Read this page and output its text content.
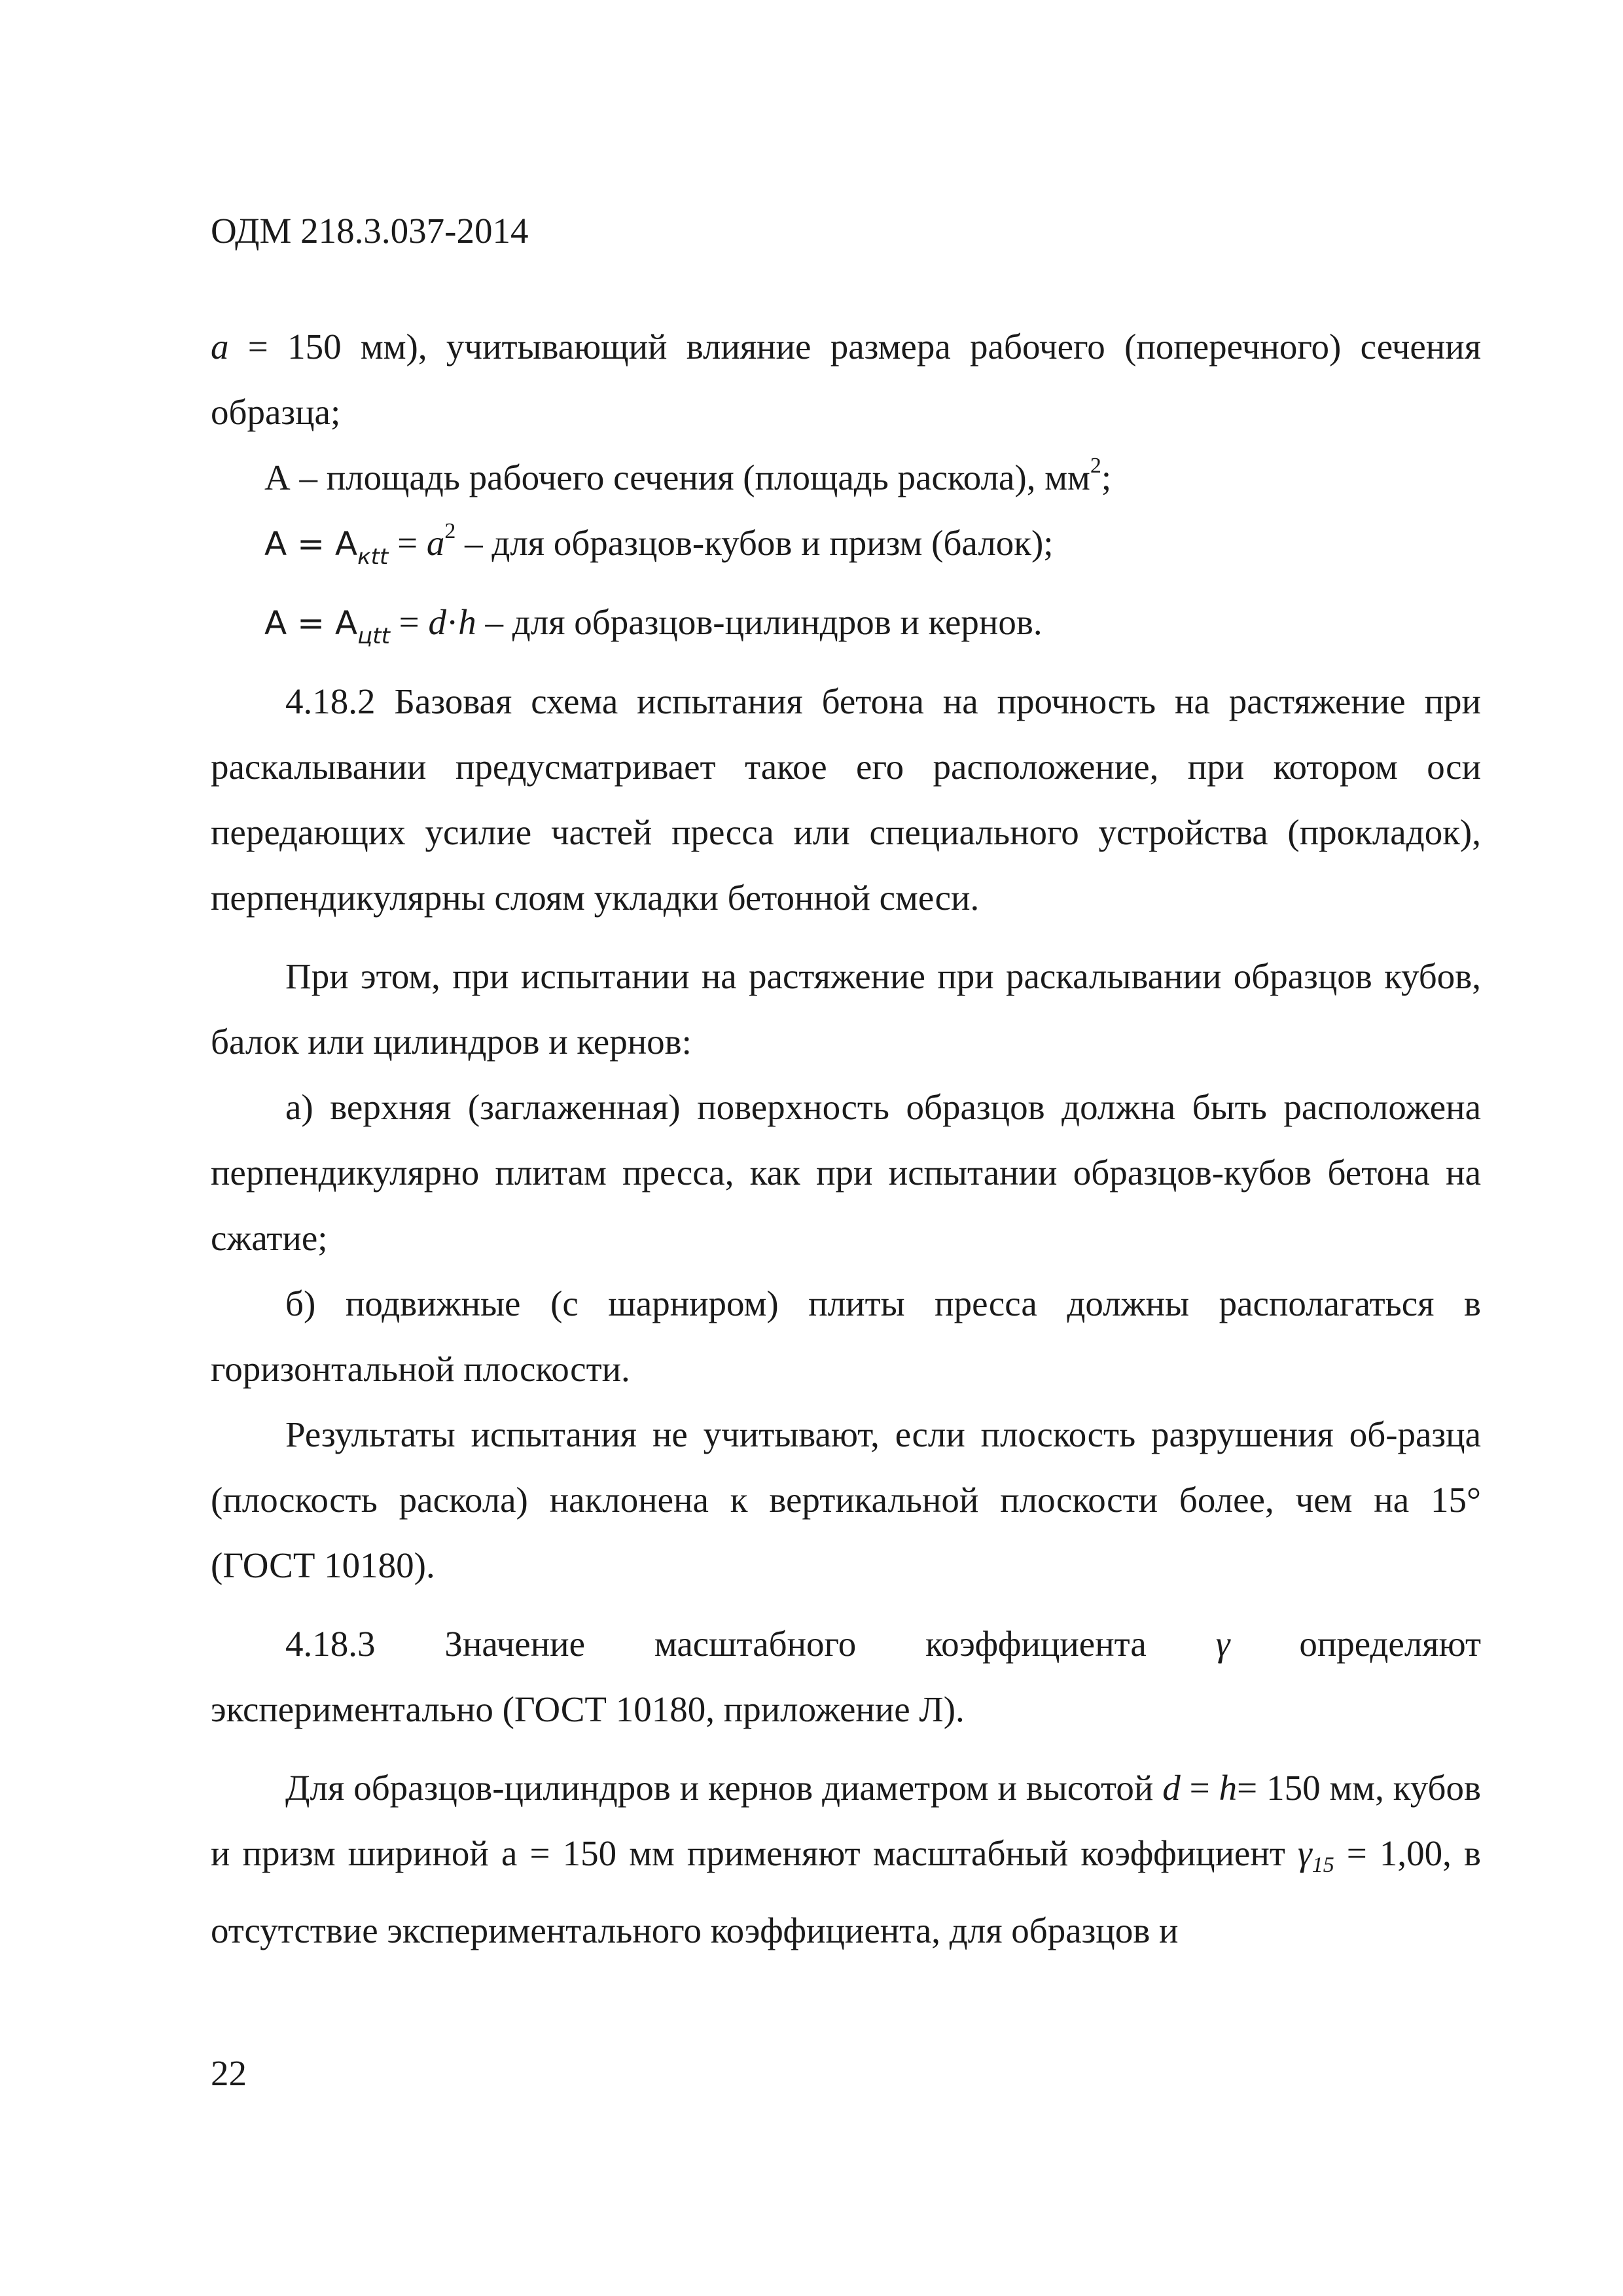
ОДМ 218.3.037-2014

a = 150 мм), учитывающий влияние размера рабочего (поперечного) сечения образца;

А – площадь рабочего сечения (площадь раскола), $мм^2$;

$A = A_{кtt} = a^2$ – для образцов-кубов и призм (балок);

$A = A_{цtt} = d\cdot h$ – для образцов-цилиндров и кернов.

4.18.2 Базовая схема испытания бетона на прочность на растяжение при раскалывании предусматривает такое его расположение, при котором оси передающих усилие частей пресса или специального устройства (прокладок), перпендикулярны слоям укладки бетонной смеси.

При этом, при испытании на растяжение при раскалывании образцов кубов, балок или цилиндров и кернов:

а) верхняя (заглаженная) поверхность образцов должна быть расположена перпендикулярно плитам пресса, как при испытании образцов-кубов бетона на сжатие;

б) подвижные (с шарниром) плиты пресса должны располагаться в горизонтальной плоскости.

Результаты испытания не учитывают, если плоскость разрушения об-разца (плоскость раскола) наклонена к вертикальной плоскости более, чем на 15° (ГОСТ 10180).

4.18.3 Значение масштабного коэффициента γ определяют

экспериментально (ГОСТ 10180, приложение Л).

Для образцов-цилиндров и кернов диаметром и высотой d = h= 150 мм, кубов и призм шириной а = 150 мм применяют масштабный коэффициент γ15 = 1,00, в отсутствие экспериментального коэффициента, для образцов и

22
